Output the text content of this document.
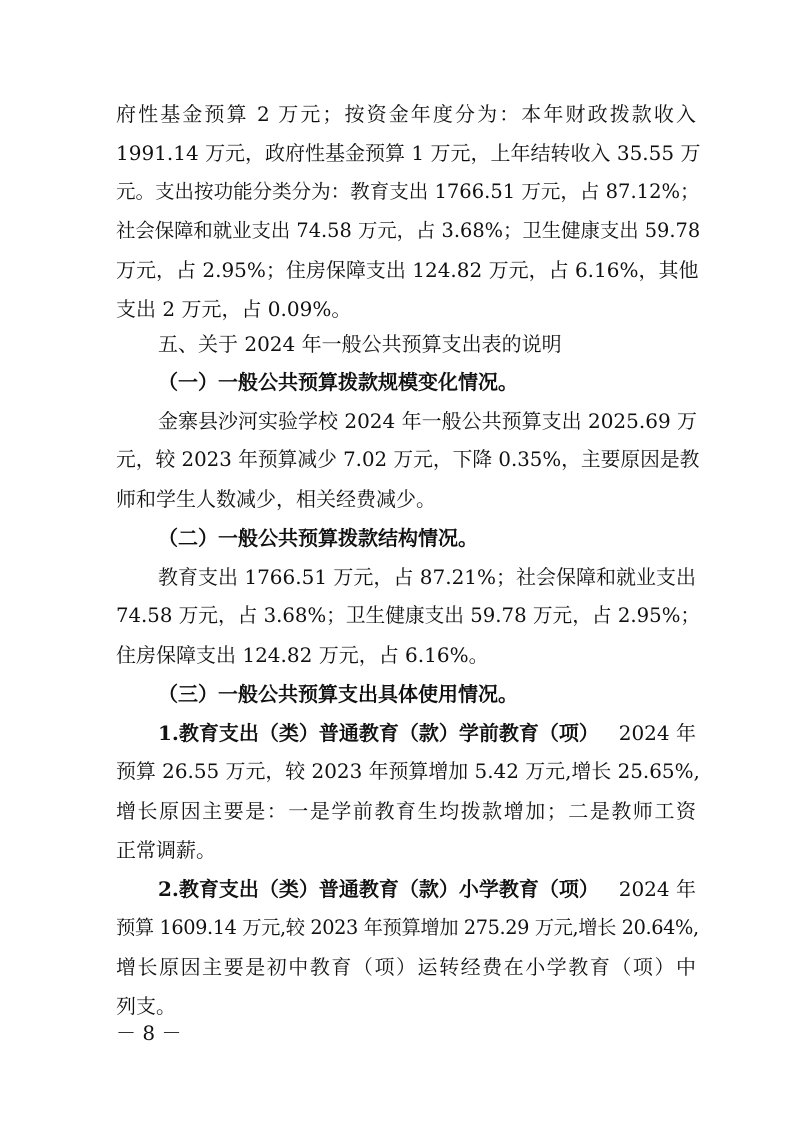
府性基金预算 2 万元；按资金年度分为：本年财政拨款收入
1991.14 万元，政府性基金预算 1 万元，上年结转收入 35.55 万
元。支出按功能分类分为：教育支出 1766.51 万元，占 87.12%；
社会保障和就业支出 74.58 万元，占 3.68%；卫生健康支出 59.78
万元，占 2.95%；住房保障支出 124.82 万元，占 6.16%，其他
支出 2 万元，占 0.09%。
五、关于 2024 年一般公共预算支出表的说明
（一）一般公共预算拨款规模变化情况。
金寨县沙河实验学校 2024 年一般公共预算支出 2025.69 万
元，较 2023 年预算减少 7.02 万元，下降 0.35%，主要原因是教
师和学生人数减少，相关经费减少。
（二）一般公共预算拨款结构情况。
教育支出 1766.51 万元，占 87.21%；社会保障和就业支出
74.58 万元，占 3.68%；卫生健康支出 59.78 万元，占 2.95%；
住房保障支出 124.82 万元，占 6.16%。
（三）一般公共预算支出具体使用情况。
1.教育支出（类）普通教育（款）学前教育（项） 2024 年
预算 26.55 万元，较 2023 年预算增加 5.42 万元,增长 25.65%,
增长原因主要是：一是学前教育生均拨款增加；二是教师工资
正常调薪。
2.教育支出（类）普通教育（款）小学教育（项） 2024 年
预算 1609.14 万元,较 2023 年预算增加 275.29 万元,增长 20.64%,
增长原因主要是初中教育（项）运转经费在小学教育（项）中
列支。
－ 8 －
